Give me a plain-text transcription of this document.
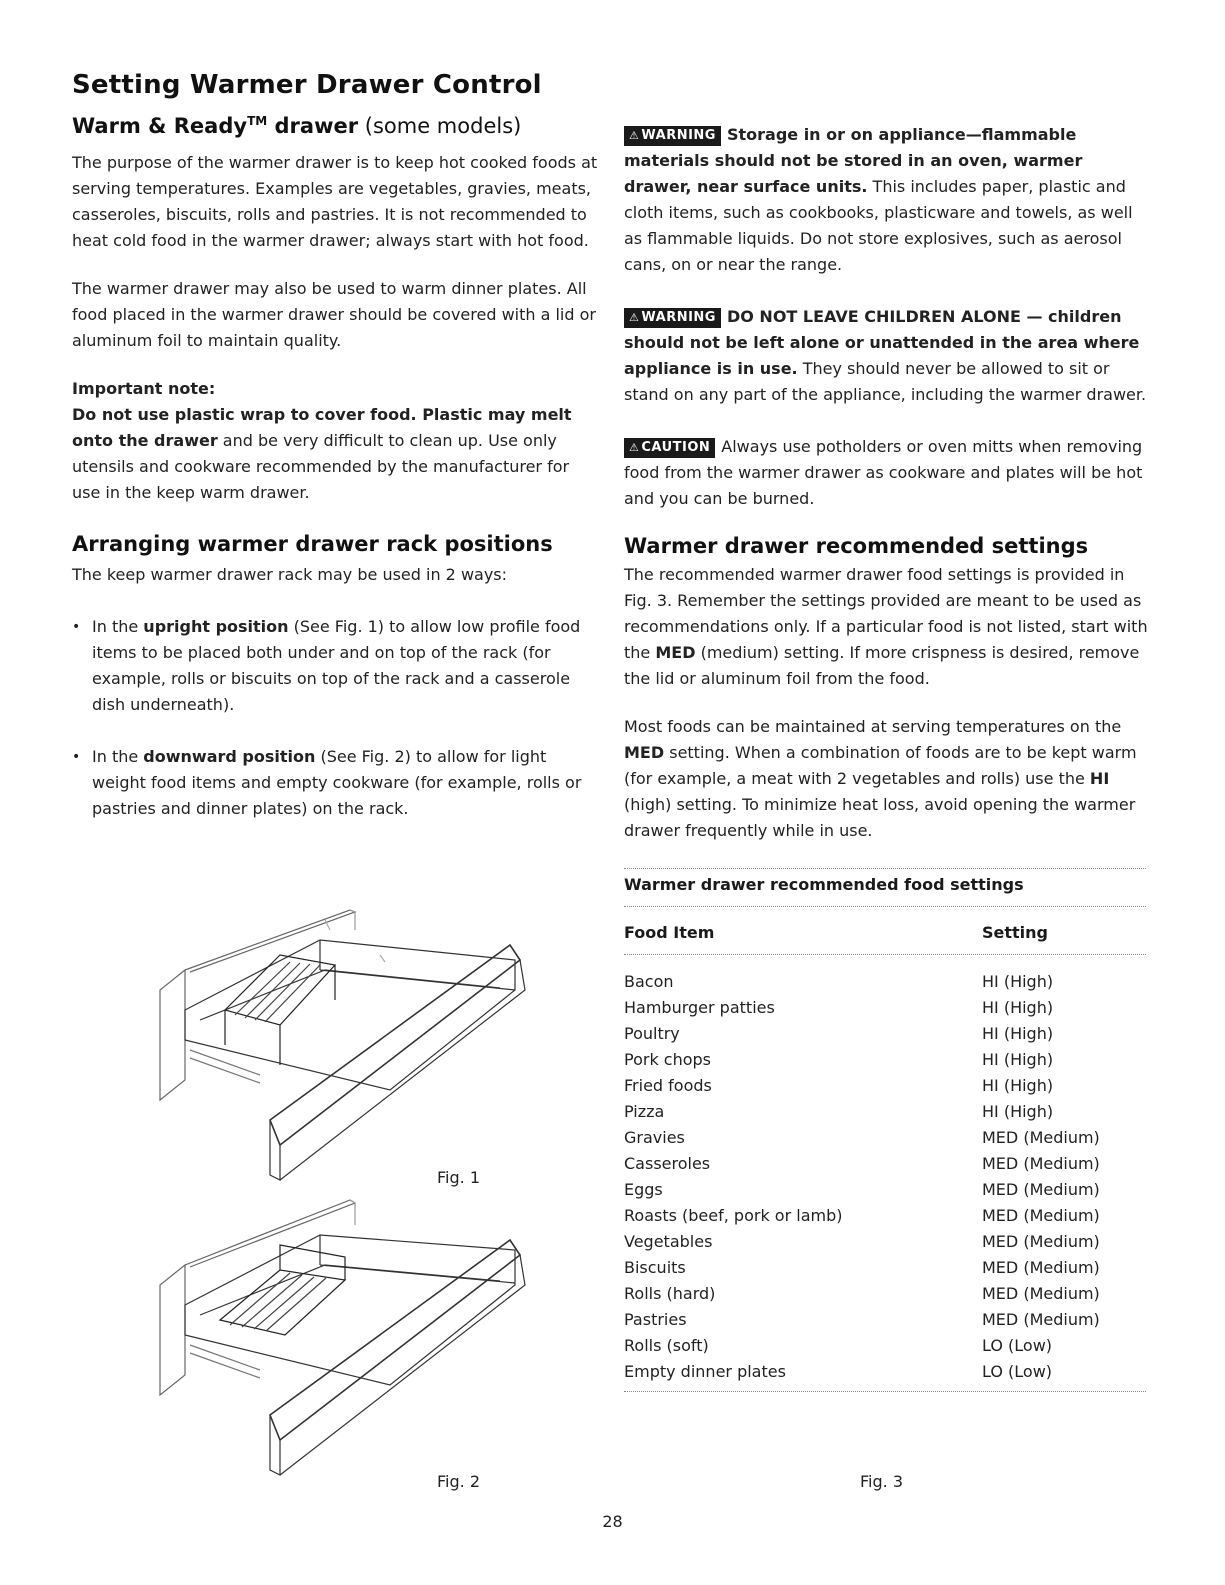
Setting Warmer Drawer Control
Warm & Ready™ drawer (some models)

The purpose of the warmer drawer is to keep hot cooked foods at serving temperatures. Examples are vegetables, gravies, meats, casseroles, biscuits, rolls and pastries. It is not recommended to heat cold food in the warmer drawer; always start with hot food.

The warmer drawer may also be used to warm dinner plates. All food placed in the warmer drawer should be covered with a lid or aluminum foil to maintain quality.

Important note:

Do not use plastic wrap to cover food. Plastic may melt onto the drawer and be very difficult to clean up. Use only utensils and cookware recommended by the manufacturer for use in the keep warm drawer.

Arranging warmer drawer rack positions

The keep warmer drawer rack may be used in 2 ways:

• In the upright position (See Fig. 1) to allow low profile food items to be placed both under and on top of the rack (for example, rolls or biscuits on top of the rack and a casserole dish underneath).
• In the downward position (See Fig. 2) to allow for light weight food items and empty cookware (for example, rolls or pastries and dinner plates) on the rack.
Fig. 1
Fig. 2

⚠ WARNING Storage in or on appliance—flammable materials should not be stored in an oven, warmer drawer, near surface units. This includes paper, plastic and cloth items, such as cookbooks, plasticware and towels, as well as flammable liquids. Do not store explosives, such as aerosol cans, on or near the range.

⚠ WARNING DO NOT LEAVE CHILDREN ALONE — children should not be left alone or unattended in the area where appliance is in use. They should never be allowed to sit or stand on any part of the appliance, including the warmer drawer.

⚠ CAUTION Always use potholders or oven mitts when removing food from the warmer drawer as cookware and plates will be hot and you can be burned.

Warmer drawer recommended settings

The recommended warmer drawer food settings is provided in Fig. 3. Remember the settings provided are meant to be used as recommendations only. If a particular food is not listed, start with the MED (medium) setting. If more crispness is desired, remove the lid or aluminum foil from the food.

Most foods can be maintained at serving temperatures on the MED setting. When a combination of foods are to be kept warm (for example, a meat with 2 vegetables and rolls) use the HI (high) setting. To minimize heat loss, avoid opening the warmer drawer frequently while in use.

Warmer drawer recommended food settings
Food Item	Setting
Bacon	HI (High)
Hamburger patties	HI (High)
Poultry	HI (High)
Pork chops	HI (High)
Fried foods	HI (High)
Pizza	HI (High)
Gravies	MED (Medium)
Casseroles	MED (Medium)
Eggs	MED (Medium)
Roasts (beef, pork or lamb)	MED (Medium)
Vegetables	MED (Medium)
Biscuits	MED (Medium)
Rolls (hard)	MED (Medium)
Pastries	MED (Medium)
Rolls (soft)	LO (Low)
Empty dinner plates	LO (Low)
Fig. 3
28
